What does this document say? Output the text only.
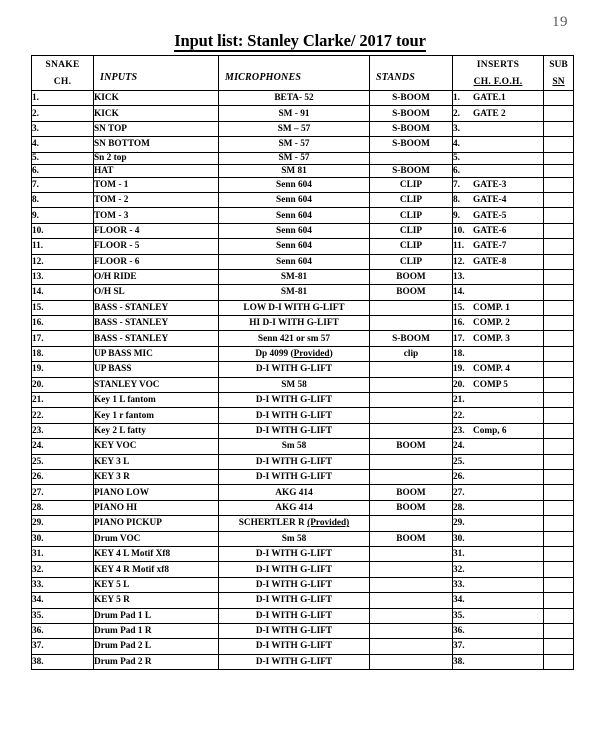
19
Input list: Stanley Clarke/ 2017 tour
SNAKE
CH.	INPUTS	MICROPHONES	STANDS	INSERTS
CH. F.O.H.	SUB
SN

1.	KICK	BETA- 52	S-BOOM	1. GATE.1	
2.	KICK	SM - 91	S-BOOM	2. GATE 2	
3.	SN TOP	SM – 57	S-BOOM	3.	
4.	SN BOTTOM	SM - 57	S-BOOM	4.	
5.	Sn 2 top	SM - 57		5.	
6.	HAT	SM 81	S-BOOM	6.	
7.	TOM - 1	Senn 604	CLIP	7. GATE-3	
8.	TOM - 2	Senn 604	CLIP	8. GATE-4	
9.	TOM - 3	Senn 604	CLIP	9. GATE-5	
10.	FLOOR - 4	Senn 604	CLIP	10. GATE-6	
11.	FLOOR - 5	Senn 604	CLIP	11. GATE-7	
12.	FLOOR - 6	Senn 604	CLIP	12. GATE-8	
13.	O/H RIDE	SM-81	BOOM	13.	
14.	O/H SL	SM-81	BOOM	14.	
15.	BASS - STANLEY	LOW D-I WITH G-LIFT		15. COMP. 1	
16.	BASS - STANLEY	HI D-I WITH G-LIFT		16. COMP. 2	
17.	BASS - STANLEY	Senn 421 or sm 57	S-BOOM	17. COMP. 3	
18.	UP BASS MIC	Dp 4099 (Provided)	clip	18.	
19.	UP BASS	D-I WITH G-LIFT		19. COMP. 4	
20.	STANLEY VOC	SM 58		20. COMP 5	
21.	Key 1 L fantom	D-I WITH G-LIFT		21.	
22.	Key 1 r fantom	D-I WITH G-LIFT		22.	
23.	Key 2 L fatty	D-I WITH G-LIFT		23. Comp, 6	
24.	KEY VOC	Sm 58	BOOM	24.	
25.	KEY 3 L	D-I WITH G-LIFT		25.	
26.	KEY 3 R	D-I WITH G-LIFT		26.	
27.	PIANO LOW	AKG 414	BOOM	27.	
28.	PIANO HI	AKG 414	BOOM	28.	
29.	PIANO PICKUP	SCHERTLER R (Provided)		29.	
30.	Drum VOC	Sm 58	BOOM	30.	
31.	KEY 4 L Motif Xf8	D-I WITH G-LIFT		31.	
32.	KEY 4 R Motif xf8	D-I WITH G-LIFT		32.	
33.	KEY 5 L	D-I WITH G-LIFT		33.	
34.	KEY 5 R	D-I WITH G-LIFT		34.	
35.	Drum Pad 1 L	D-I WITH G-LIFT		35.	
36.	Drum Pad 1 R	D-I WITH G-LIFT		36.	
37.	Drum Pad 2 L	D-I WITH G-LIFT		37.	
38.	Drum Pad 2 R	D-I WITH G-LIFT		38.	
